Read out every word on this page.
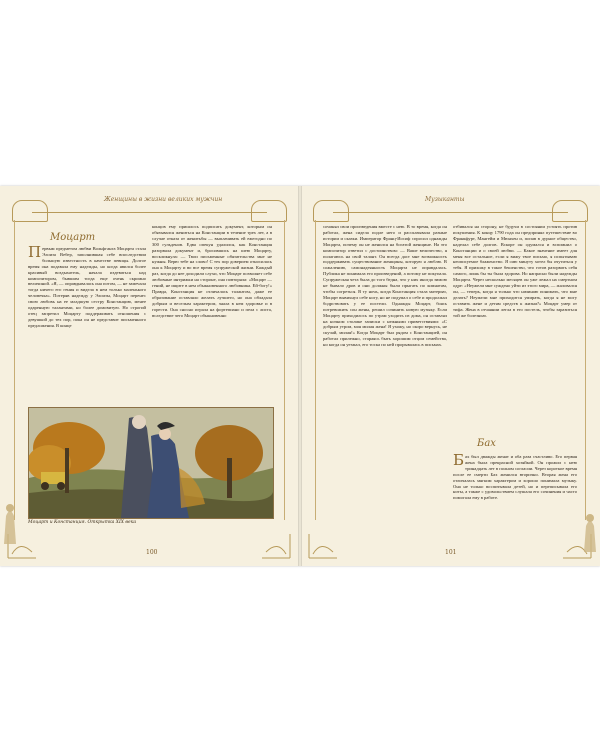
Женщины в жизни великих мужчин
Моцарт
Первым предметом любви Вольфганга Моцарта стала Элоиза Вебер, заполнившая себе впоследствии большую известность в качестве певицы. Долгое время она подавала ему надежды, но когда явился более красивый воздыхатель, начала издеваться над композитором, бывшим тогда еще очень скромно величиной. «Я, — оправдывалась она потом, — не замечала тогда ничего его гения и видела в нем только маленького человечка». Потеряв надежду у Элоизы, Моцарт перенес свою любовь на ее младшую сестру Констанцию, менее одаренную талантами, но более домовитую. Но строгий отец запретил Моцарту поддерживать отношения с девушкой до тех пор, пока он не представит письменного предложения. В конце
концов ему пришлось подписать документ, которым он обязывался жениться на Констанции в течение трех лет, а в случае отказа от женитьбы — выплачивать ей ежегодно по 300 гульденов. Едва опекун удалился, как Констанция разорвала документ и, бросившись на шею Моцарту, воскликнула: — Твои письменные обязательства мне не нужны. Верю тебе на слово! С тех пор доверием относилась она к Моцарту и во все время супружеской жизни. Каждый раз, когда до нее доходили слухи, что Моцарт позволяет себе любовные интрижки на стороне, она повторяла: «Моцарт — гений, не ищите в нем обыкновенного любовника. Ей-богу!» Правда, Констанция не отличалась талантом, даже ее образование оставляло желать лучшего, но она обладала добрым и веселым характером, знала в нем здоровье и в горести. Она сносно играла на фортепиано и пела с листа, вследствие чего Моцарт обыкновенно
Моцарт и Констанция. Открытка XIX века
100
Музыканты
сочинял свои произведения вместе с нею. В то время, когда он работал, жена сидела подле него и рассказывала разные истории и сказки. Император Франц-Иосиф спросил однажды Моцарта, почему он не женился на богатой женщине. На это композитор ответил с достоинством: — Ваше величество, я полагаюсь на свой талант. Он всегда даст мне возможность поддерживать существование женщины, которую я люблю. В сожалению, самонадеянность Моцарта не оправдалась. Публика не понимала его произведений, а потому не покупала. Супружеская чета была до того бедна, что у них иногда зимою не бывало дров и они должны были прыгать по комнатам, чтобы согреться. В ту ночь, когда Констанция стала матерью, Моцарт вывихнул себе ногу, но не подумал о себе и продолжал бодрствовать у ее постели. Однажды Моцарт, боясь потревожить сон жены, решил сочинить новую музыку. Если Моцарту приходилось по утрам уходить из дома, он оставлял на ночном столике записки с нежными приветствиями: «С добрым утром, моя милая жена! Я ухожу, но скоро вернусь, не скучай, милая!» Когда Моцарт был рядом с Констанцией, он работал прилежно, стараясь быть хорошим отцом семейства, но когда он уезжал, его тоска по ней прорывалась в письмах.
отбивался на сторону, не будучи в состоянии устоять против искушения. К концу 1790 года он предпринял путешествие во Франкфурт, Мангейм и Мюнхен и, попав в дурное общество, наделал себе долгов. Вскоре он одумался и вспомнил о Констанции и о своей любви. — Какое значение имеет для меня все остальное, если я вижу твое письмо, я испытываю неописуемое блаженство. Я сию минуту хотел бы очутиться у тебя. Я прихожу в такое бешенство, что готов разорвать себя самого, лишь бы ты была здорова. Но напрасно были надежды Моцарта. Через несколько месяцев он уже лежал на смертном одре: «Неужели мне суждено уйти из этого мира, — жаловался он, — теперь, когда я только что начинаю понимать, что мне делать? Неужели мне приходится умирать, когда я не могу оставить жене и детям средств к жизни?» Моцарт умер от тифа. Жена в отчаянии легла в его постель, чтобы заразиться той же болезнью.
Бах
Бах был дважды женат и оба раза счастливо. Его первая жена была прекрасной хозяйкой. Он прожил с нею тринадцать лет в полном согласии. Через короткое время после ее смерти Бах женился вторично. Вторая жена его отличалась мягким характером и хорошо понимала музыку. Она не только воспитывала детей, но и переписывала его ноты, а также с удовольствием слушала его сочинения и часто помогала ему в работе.
101
